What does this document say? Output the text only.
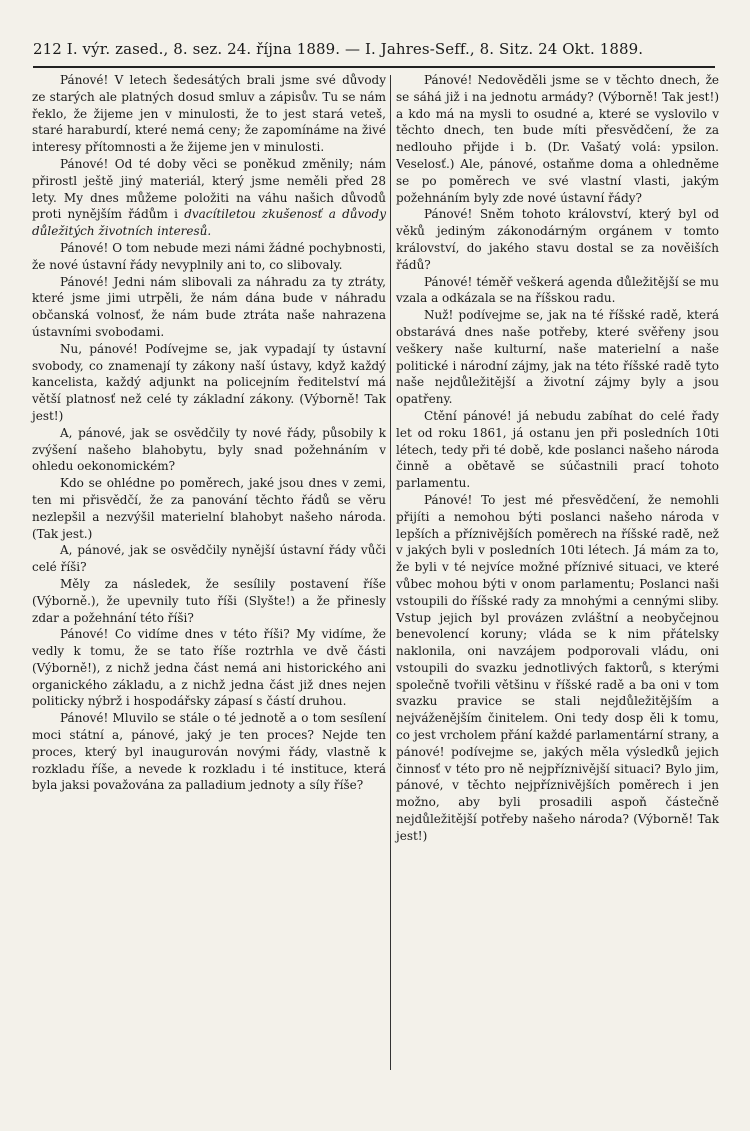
212 I. výr. zased., 8. sez. 24. října 1889. — I. Jahres-Seff., 8. Sitz. 24 Okt. 1889.

Pánové! V letech šedesátých brali jsme své důvody ze starých ale platných dosud smluv a zápisův. Tu se nám řeklo, že žijeme jen v minulosti, že to jest stará veteš, staré haraburdí, které nemá ceny; že zapomínáme na živé interesy přítomnosti a že žijeme jen v minulosti.

Pánové! Od té doby věci se poněkud změnily; nám přirostl ještě jiný materiál, který jsme neměli před 28 lety. My dnes můžeme položiti na váhu našich důvodů proti nynějším řádům i dvacítiletou zkušenosť a důvody důležitých životních interesů.

Pánové! O tom nebude mezi námi žádné pochybnosti, že nové ústavní řády nevyplnily ani to, co slibovaly.

Pánové! Jedni nám slibovali za náhradu za ty ztráty, které jsme jimi utrpěli, že nám dána bude v náhradu občanská volnosť, že nám bude ztráta naše nahrazena ústavními svobodami.

Nu, pánové! Podívejme se, jak vypadají ty ústavní svobody, co znamenají ty zákony naší ústavy, když každý kancelista, každý adjunkt na policejním ředitelství má větší platnosť než celé ty základní zákony. (Výborně! Tak jest!)

A, pánové, jak se osvědčily ty nové řády, působily k zvýšení našeho blahobytu, byly snad požehnáním v ohledu oekonomickém?

Kdo se ohlédne po poměrech, jaké jsou dnes v zemi, ten mi přisvědčí, že za panování těchto řádů se věru nezlepšil a nezvýšil materielní blahobyt našeho národa. (Tak jest.)

A, pánové, jak se osvědčily nynější ústavní řády vůči celé říši?

Měly za následek, že sesílily postavení říše (Výborně.), že upevnily tuto říši (Slyšte!) a že přinesly zdar a požehnání této říši?

Pánové! Co vidíme dnes v této říši? My vidíme, že vedly k tomu, že se tato říše roztrhla ve dvě části (Výborně!), z nichž jedna část nemá ani historického ani organického základu, a z nichž jedna část již dnes nejen politicky nýbrž i hospodářsky zápasí s částí druhou.

Pánové! Mluvilo se stále o té jednotě a o tom sesílení moci státní a, pánové, jaký je ten proces? Nejde ten proces, který byl inaugurován novými řády, vlastně k rozkladu říše, a nevede k rozkladu i té instituce, která byla jaksi považována za palladium jednoty a síly říše?

Pánové! Nedověděli jsme se v těchto dnech, že se sáhá již i na jednotu armády? (Výborně! Tak jest!) a kdo má na mysli to osudné a, které se vyslovilo v těchto dnech, ten bude míti přesvědčení, že za nedlouho přijde i b. (Dr. Vašatý volá: ypsilon. Veselosť.) Ale, pánové, ostaňme doma a ohledněme se po poměrech ve své vlastní vlasti, jakým požehnáním byly zde nové ústavní řády?

Pánové! Sněm tohoto království, který byl od věků jediným zákonodárným orgánem v tomto království, do jakého stavu dostal se za nověiších řádů?

Pánové! téměř veškerá agenda důležitější se mu vzala a odkázala se na říšskou radu.

Nuž! podívejme se, jak na té říšské radě, která obstarává dnes naše potřeby, které svěřeny jsou veškery naše kulturní, naše materielní a naše politické i národní zájmy, jak na této říšské radě tyto naše nejdůležitější a životní zájmy byly a jsou opatřeny.

Ctění pánové! já nebudu zabíhat do celé řady let od roku 1861, já ostanu jen při posledních 10ti létech, tedy při té době, kde poslanci našeho národa činně a obětavě se súčastnili prací tohoto parlamentu.

Pánové! To jest mé přesvědčení, že nemohli přijíti a nemohou býti poslanci našeho národa v lepších a příznivějších poměrech na říšské radě, než v jakých byli v posledních 10ti létech. Já mám za to, že byli v té nejvíce možné příznivé situaci, ve které vůbec mohou býti v onom parlamentu; Poslanci naši vstoupili do říšské rady za mnohými a cennými sliby. Vstup jejich byl provázen zvláštní a neobyčejnou benevolencí koruny; vláda se k nim přátelsky naklonila, oni navzájem podporovali vládu, oni vstoupili do svazku jednotlivých faktorů, s kterými společně tvořili většinu v říšské radě a ba oni v tom svazku pravice se stali nejdůležitějším a nejváženějším činitelem. Oni tedy dosp ěli k tomu, co jest vrcholem přání každé parlamentární strany, a pánové! podívejme se, jakých měla výsledků jejich činnosť v této pro ně nejpříznivější situaci? Bylo jim, pánové, v těchto nejpříznivějších poměrech i jen možno, aby byli prosadili aspoň částečně nejdůležitější potřeby našeho národa? (Výborně! Tak jest!)
